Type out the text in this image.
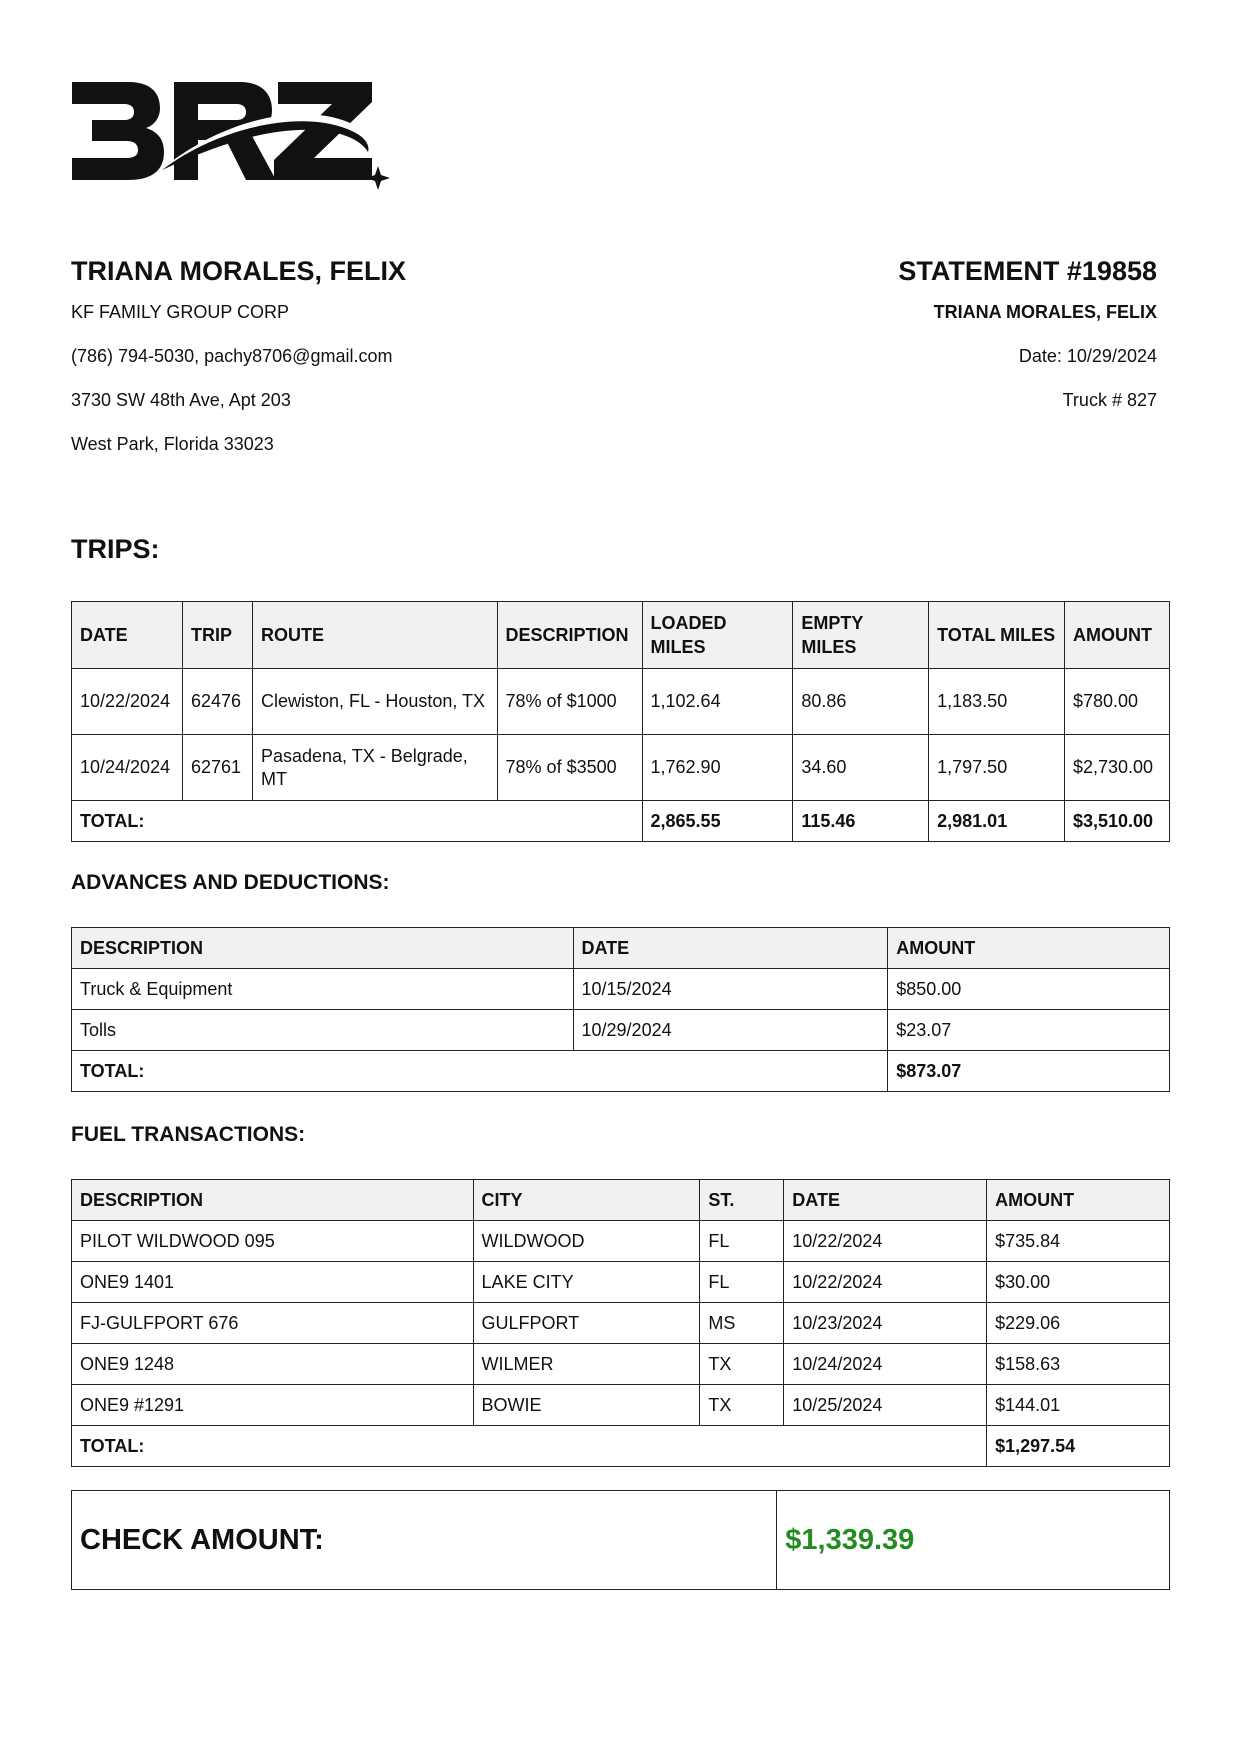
TRIANA MORALES, FELIX
KF FAMILY GROUP CORP
(786) 794-5030, pachy8706@gmail.com
3730 SW 48th Ave, Apt 203
West Park, Florida 33023
STATEMENT #19858
TRIANA MORALES, FELIX
Date: 10/29/2024
Truck # 827
TRIPS:
DATE	TRIP	ROUTE	DESCRIPTION	LOADED MILES	EMPTY MILES	TOTAL MILES	AMOUNT
10/22/2024	62476	Clewiston, FL - Houston, TX	78% of $1000	1,102.64	80.86	1,183.50	$780.00
10/24/2024	62761	Pasadena, TX - Belgrade, MT	78% of $3500	1,762.90	34.60	1,797.50	$2,730.00
TOTAL:				2,865.55	115.46	2,981.01	$3,510.00
ADVANCES AND DEDUCTIONS:
DESCRIPTION	DATE	AMOUNT
Truck & Equipment	10/15/2024	$850.00
Tolls	10/29/2024	$23.07
TOTAL:		$873.07
FUEL TRANSACTIONS:
DESCRIPTION	CITY	ST.	DATE	AMOUNT
PILOT WILDWOOD 095	WILDWOOD	FL	10/22/2024	$735.84
ONE9 1401	LAKE CITY	FL	10/22/2024	$30.00
FJ-GULFPORT 676	GULFPORT	MS	10/23/2024	$229.06
ONE9 1248	WILMER	TX	10/24/2024	$158.63
ONE9 #1291	BOWIE	TX	10/25/2024	$144.01
TOTAL:				$1,297.54
CHECK AMOUNT:	$1,339.39
